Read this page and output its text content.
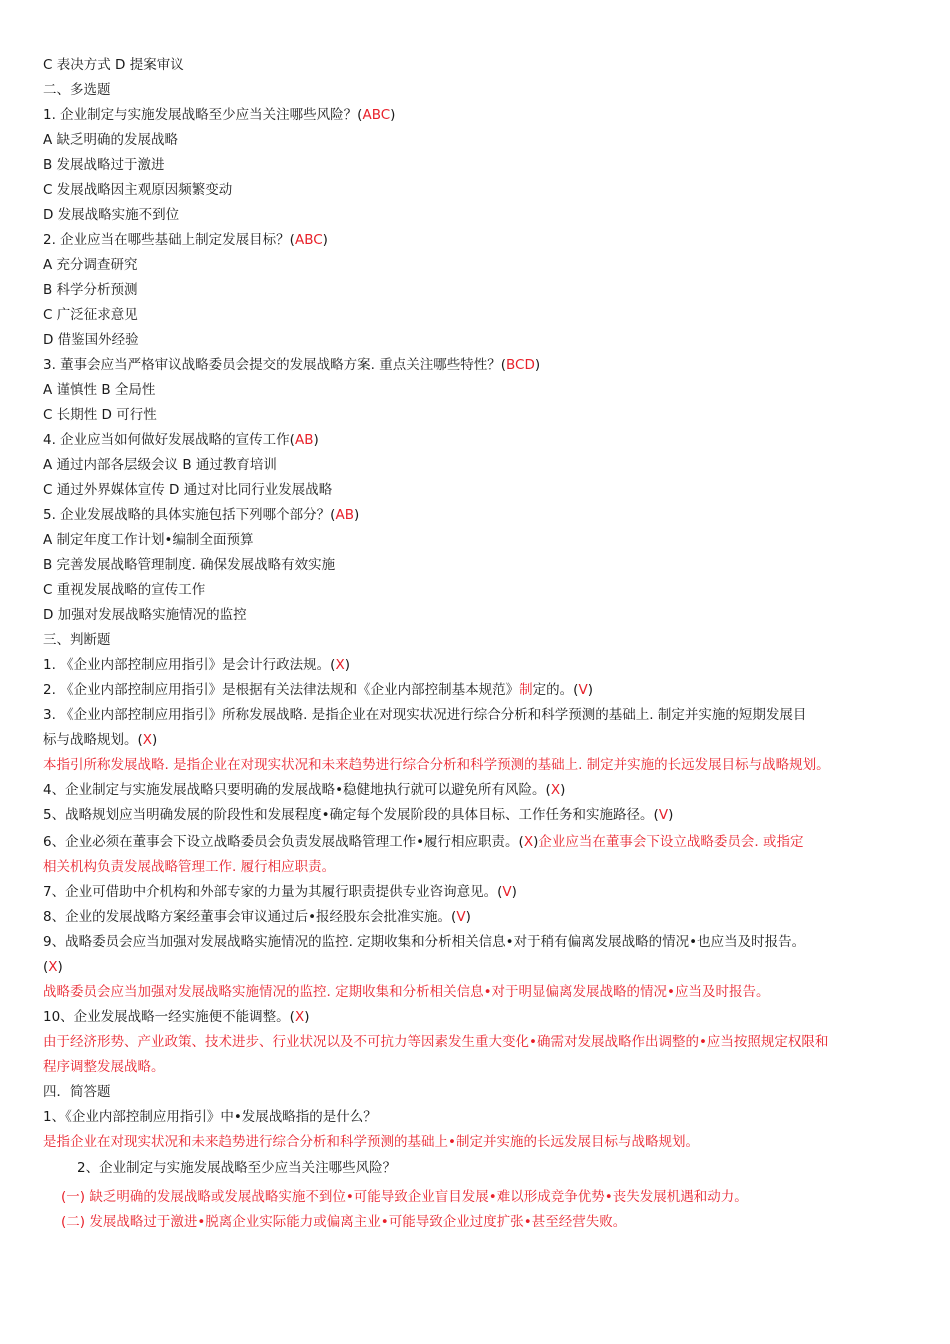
C 表决方式 D 提案审议
二、多选题
1. 企业制定与实施发展战略至少应当关注哪些风险？(ABC)
A 缺乏明确的发展战略
B 发展战略过于激进
C 发展战略因主观原因频繁变动
D 发展战略实施不到位
2. 企业应当在哪些基础上制定发展目标？(ABC)
A 充分调查研究
B 科学分析预测
C 广泛征求意见
D 借鉴国外经验
3. 董事会应当严格审议战略委员会提交的发展战略方案. 重点关注哪些特性？(BCD)
A 谨慎性 B 全局性
C 长期性 D 可行性
4. 企业应当如何做好发展战略的宣传工作(AB)
A 通过内部各层级会议 B 通过教育培训
C 通过外界媒体宣传 D 通过对比同行业发展战略
5. 企业发展战略的具体实施包括下列哪个部分？(AB)
A 制定年度工作计划•编制全面预算
B 完善发展战略管理制度. 确保发展战略有效实施
C 重视发展战略的宣传工作
D 加强对发展战略实施情况的监控
三、判断题
1. 《企业内部控制应用指引》是会计行政法规。(X)
2. 《企业内部控制应用指引》是根据有关法律法规和《企业内部控制基本规范》制定的。(V)
3. 《企业内部控制应用指引》所称发展战略. 是指企业在对现实状况进行综合分析和科学预测的基础上. 制定并实施的短期发展目
标与战略规划。(X)
本指引所称发展战略. 是指企业在对现实状况和未来趋势进行综合分析和科学预测的基础上. 制定并实施的长远发展目标与战略规划。
4、企业制定与实施发展战略只要明确的发展战略•稳健地执行就可以避免所有风险。(X)
5、战略规划应当明确发展的阶段性和发展程度•确定每个发展阶段的具体目标、工作任务和实施路径。(V)
6、企业必须在董事会下设立战略委员会负责发展战略管理工作•履行相应职责。(X)企业应当在董事会下设立战略委员会. 或指定
相关机构负责发展战略管理工作. 履行相应职责。
7、企业可借助中介机构和外部专家的力量为其履行职责提供专业咨询意见。(V)
8、企业的发展战略方案经董事会审议通过后•报经股东会批准实施。(V)
9、战略委员会应当加强对发展战略实施情况的监控. 定期收集和分析相关信息•对于稍有偏离发展战略的情况•也应当及时报告。
(X)
战略委员会应当加强对发展战略实施情况的监控. 定期收集和分析相关信息•对于明显偏离发展战略的情况•应当及时报告。
10、企业发展战略一经实施便不能调整。(X)
由于经济形势、产业政策、技术进步、行业状况以及不可抗力等因素发生重大变化•确需对发展战略作出调整的•应当按照规定权限和
程序调整发展战略。
四．简答题
1、《企业内部控制应用指引》中•发展战略指的是什么？
是指企业在对现实状况和未来趋势进行综合分析和科学预测的基础上•制定并实施的长远发展目标与战略规划。
2、企业制定与实施发展战略至少应当关注哪些风险？
(一) 缺乏明确的发展战略或发展战略实施不到位•可能导致企业盲目发展•难以形成竞争优势•丧失发展机遇和动力。
(二) 发展战略过于激进•脱离企业实际能力或偏离主业•可能导致企业过度扩张•甚至经营失败。
